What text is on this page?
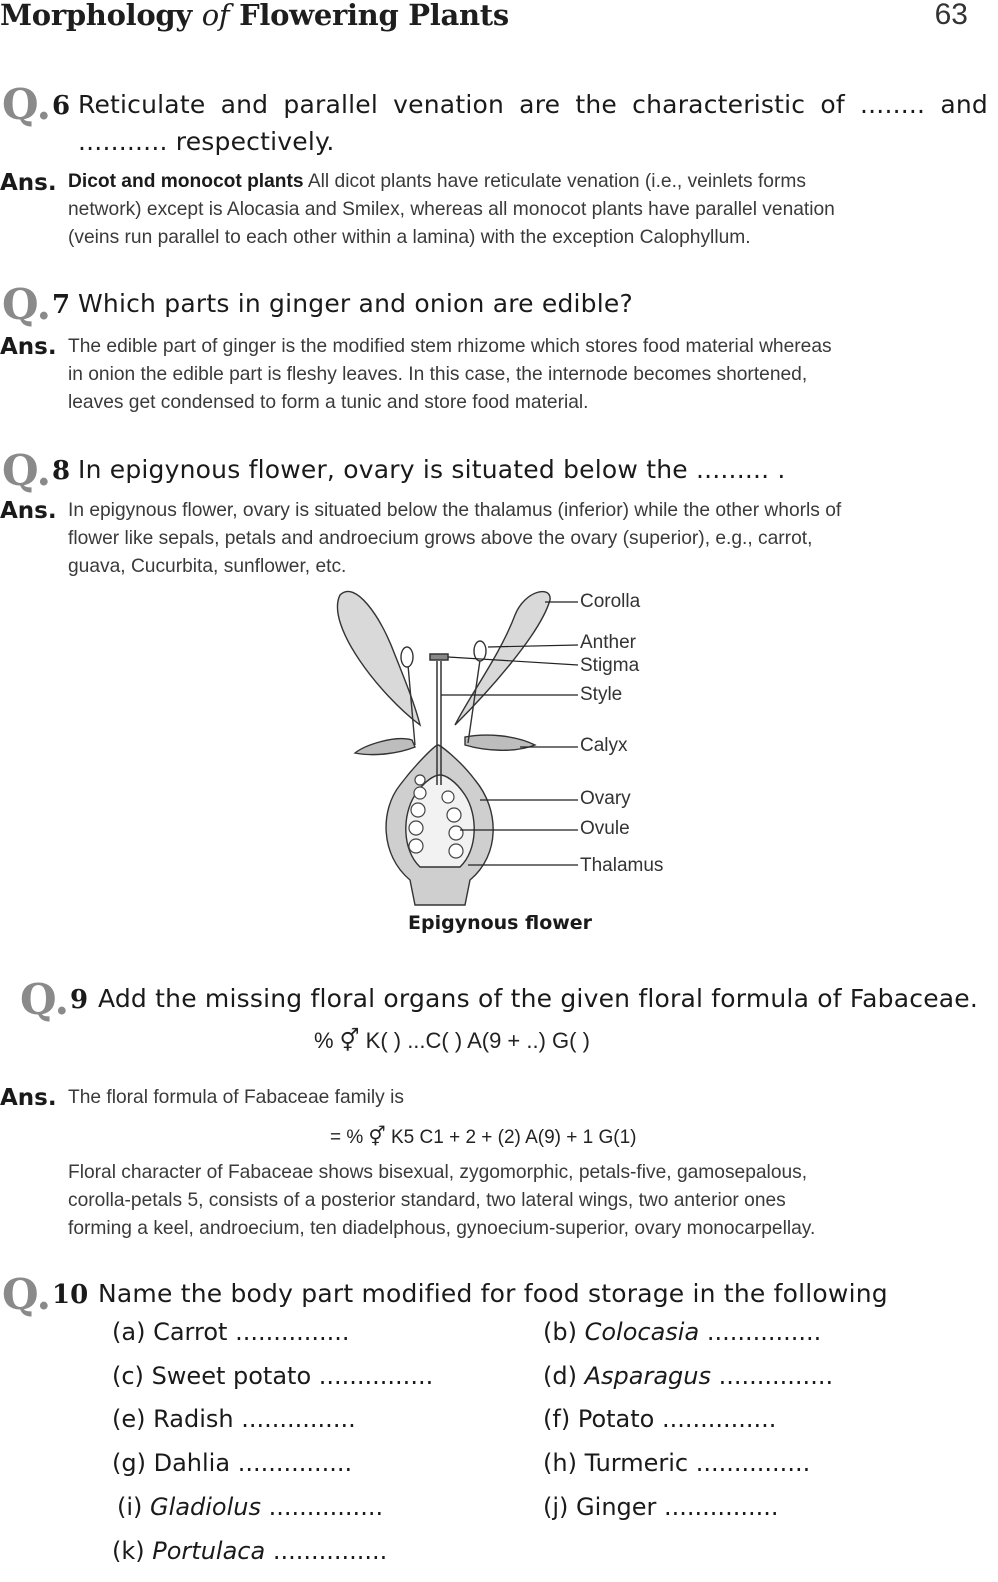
Morphology of Flowering Plants	63
Q. 6 Reticulate and parallel venation are the characteristic of ........ and
........... respectively.
Ans. Dicot and monocot plants All dicot plants have reticulate venation (i.e., veinlets forms
network) except is Alocasia and Smilex, whereas all monocot plants have parallel venation
(veins run parallel to each other within a lamina) with the exception Calophyllum.
Q. 7 Which parts in ginger and onion are edible?
Ans. The edible part of ginger is the modified stem rhizome which stores food material whereas
in onion the edible part is fleshy leaves. In this case, the internode becomes shortened,
leaves get condensed to form a tunic and store food material.
Q. 8 In epigynous flower, ovary is situated below the ......... .
Ans. In epigynous flower, ovary is situated below the thalamus (inferior) while the other whorls of
flower like sepals, petals and androecium grows above the ovary (superior), e.g., carrot,
guava, Cucurbita, sunflower, etc.
Corolla
Anther
Stigma
Style
Calyx
Ovary
Ovule
Thalamus
Epigynous flower
Q. 9 Add the missing floral organs of the given floral formula of Fabaceae.
% ⚥ K( ) ...C( ) A(9 + ..) G( )
Ans. The floral formula of Fabaceae family is
= % ⚥ K5 C1 + 2 + (2) A(9) + 1 G(1)
Floral character of Fabaceae shows bisexual, zygomorphic, petals-five, gamosepalous,
corolla-petals 5, consists of a posterior standard, two lateral wings, two anterior ones
forming a keel, androecium, ten diadelphous, gynoecium-superior, ovary monocarpellay.
Q. 10 Name the body part modified for food storage in the following
(a) Carrot ...............	(b) Colocasia ...............
(c) Sweet potato ...............	(d) Asparagus ...............
(e) Radish ...............	(f) Potato ...............
(g) Dahlia ...............	(h) Turmeric ...............
(i) Gladiolus ...............	(j) Ginger ...............
(k) Portulaca ...............
